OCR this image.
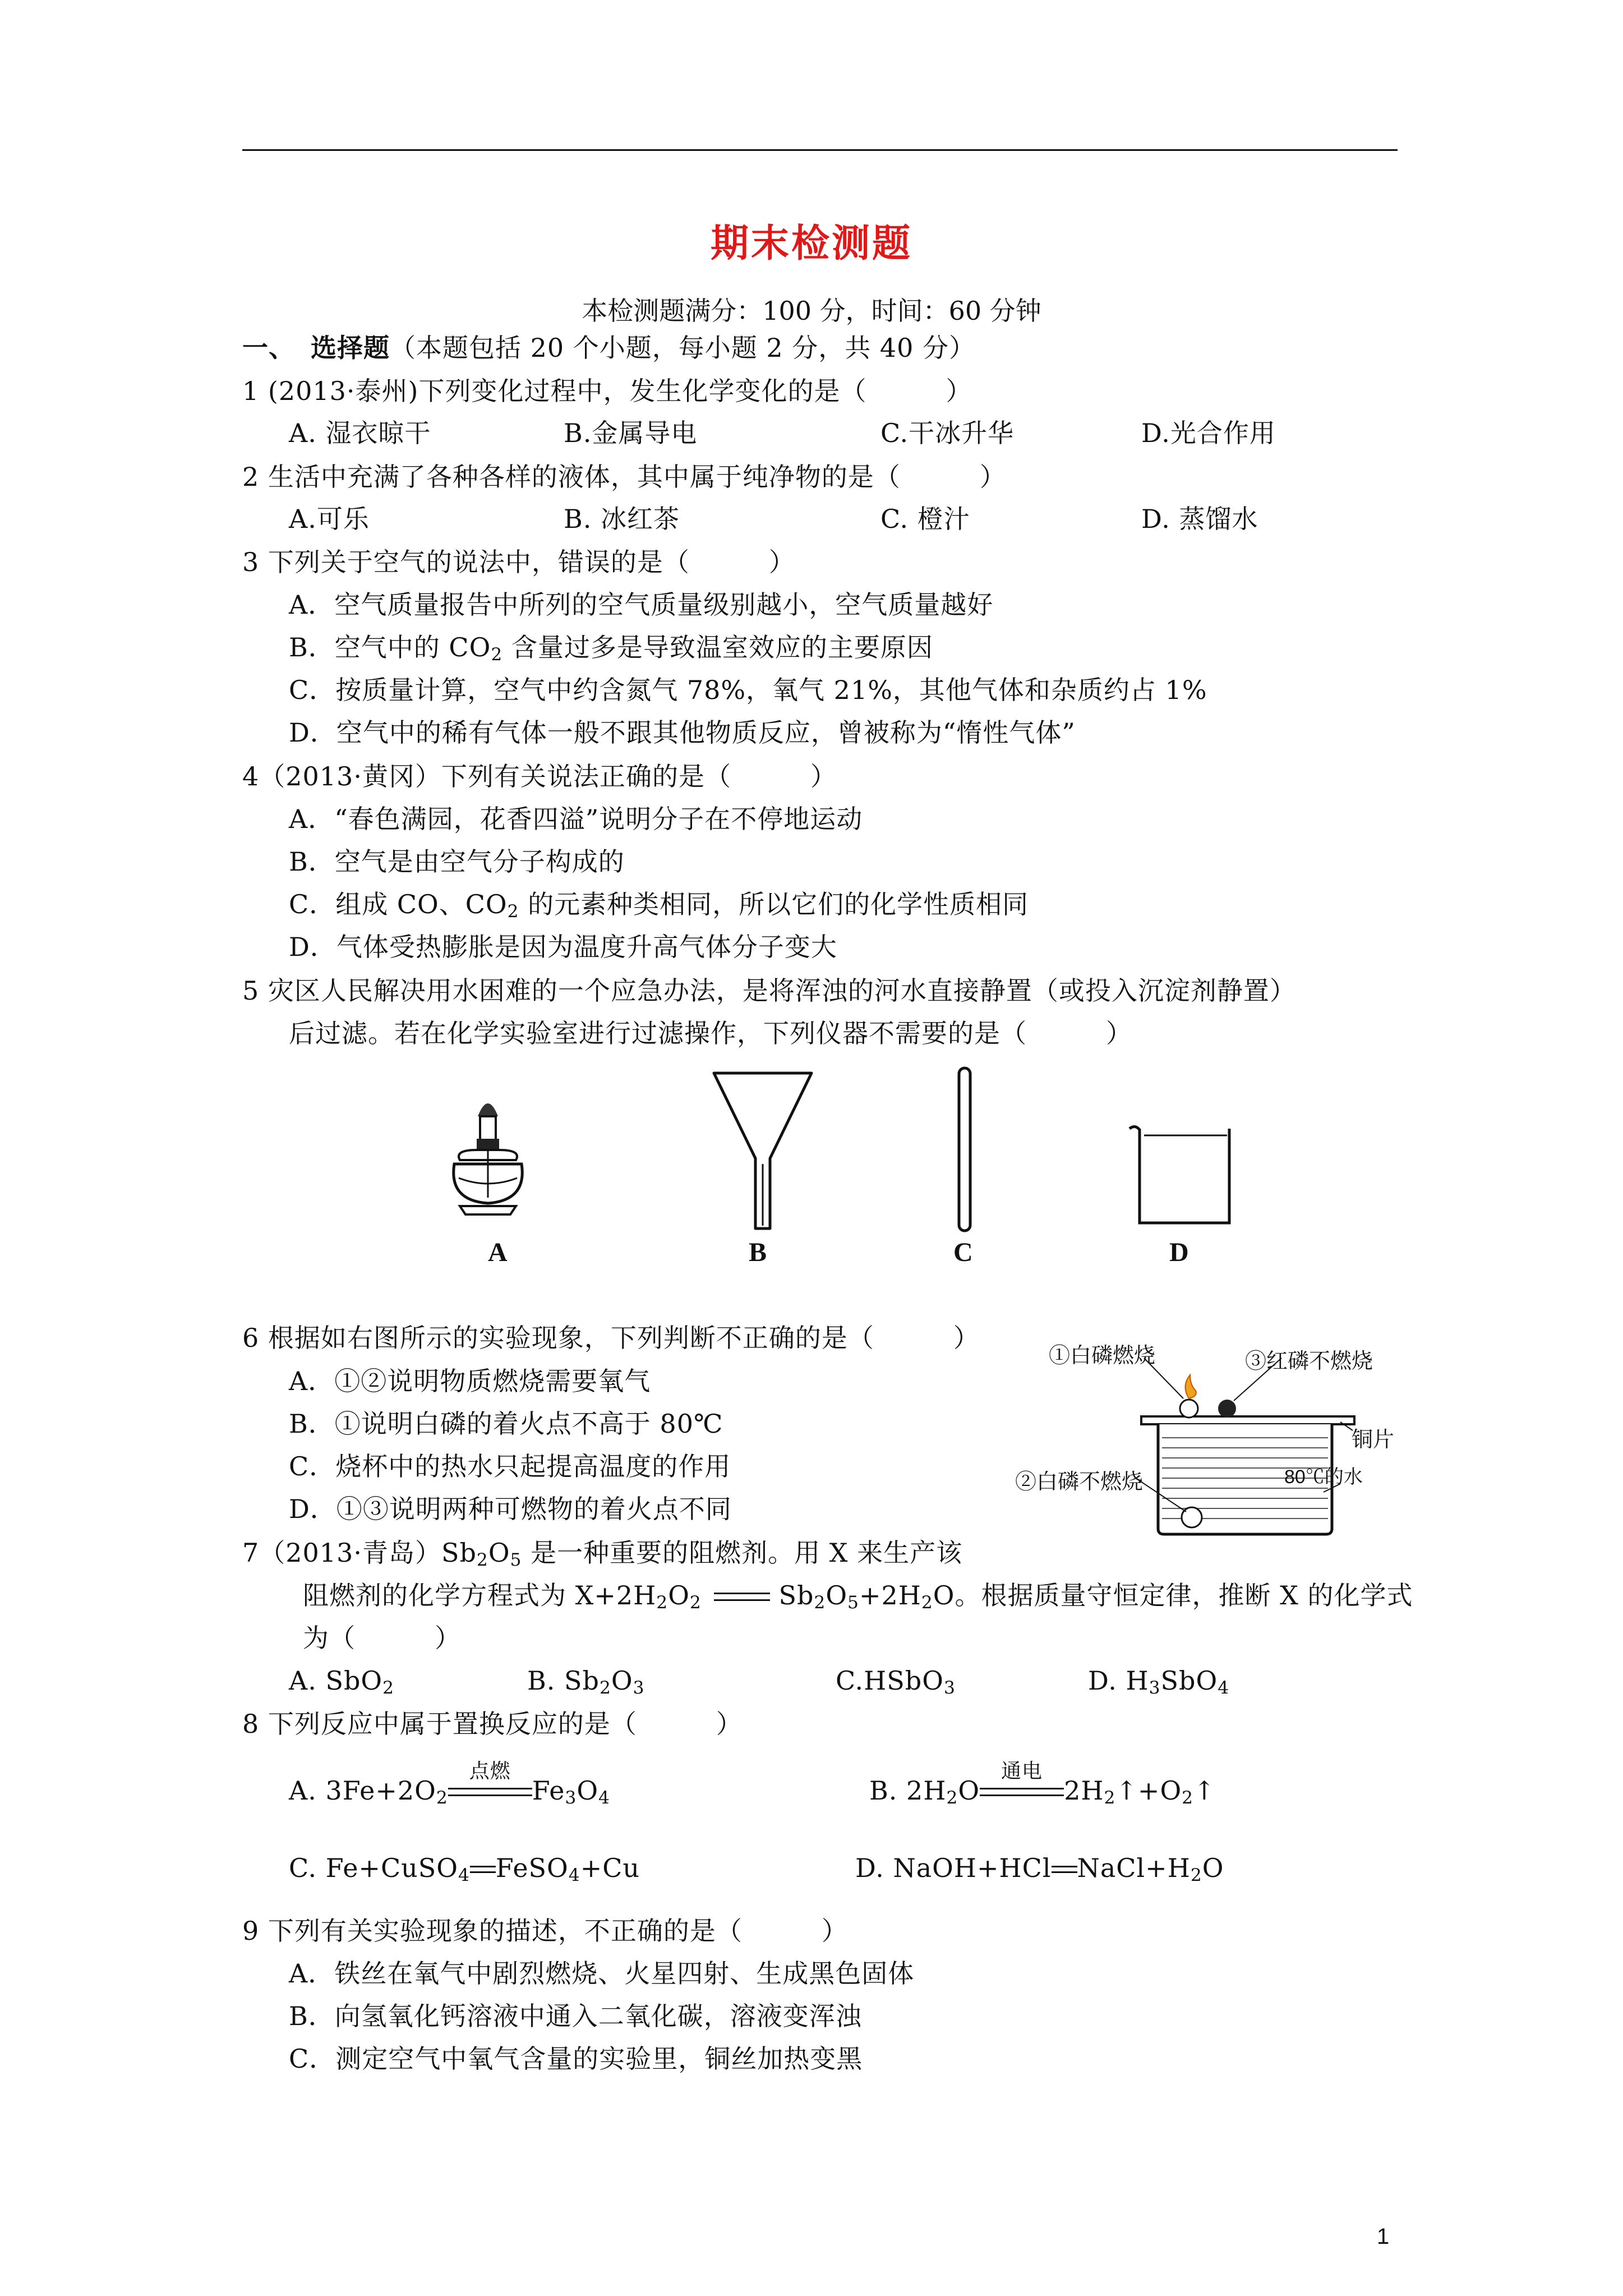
期末检测题
本检测题满分：100 分，时间：60 分钟
一、 选择题（本题包括 20 个小题，每小题 2 分，共 40 分）
1 (2013·泰州)下列变化过程中，发生化学变化的是（　　　）
A. 湿衣晾干	B.金属导电	C.干冰升华	D.光合作用
2 生活中充满了各种各样的液体，其中属于纯净物的是（　　　）
A.可乐	B. 冰红茶	C. 橙汁	D. 蒸馏水
3 下列关于空气的说法中，错误的是（　　　）
A．空气质量报告中所列的空气质量级别越小，空气质量越好
B．空气中的 $CO_2$ 含量过多是导致温室效应的主要原因
C．按质量计算，空气中约含氮气 78%，氧气 21%，其他气体和杂质约占 1%
D．空气中的稀有气体一般不跟其他物质反应，曾被称为“惰性气体”
4（2013·黄冈）下列有关说法正确的是（　　　）
A．“春色满园，花香四溢”说明分子在不停地运动
B．空气是由空气分子构成的
C．组成 CO、$CO_2$ 的元素种类相同，所以它们的化学性质相同
D．气体受热膨胀是因为温度升高气体分子变大
5 灾区人民解决用水困难的一个应急办法，是将浑浊的河水直接静置（或投入沉淀剂静置）
后过滤。若在化学实验室进行过滤操作，下列仪器不需要的是（　　　）
A	B	C	D
6 根据如右图所示的实验现象，下列判断不正确的是（　　　）
A．①②说明物质燃烧需要氧气
B．①说明白磷的着火点不高于 80℃
C．烧杯中的热水只起提高温度的作用
D．①③说明两种可燃物的着火点不同
①白磷燃烧	③红磷不燃烧
铜片
②白磷不燃烧	80℃的水
7（2013·青岛）$Sb_2O_5$ 是一种重要的阻燃剂。用 X 来生产该
阻燃剂的化学方程式为 $X+2H_2O_2$	$Sb_2O_5+2H_2O$。根据质量守恒定律，推断 X 的化学式
为（　　　）
A. SbO$_2$	B. $Sb_2O_3$	C.HSbO$_3$	D. $H_3SbO_4$
8 下列反应中属于置换反应的是（　　　）
A. $3Fe+2O_2$
点燃
$Fe_3O_4$	B. $2H_2O$
通电
$2H_2↑+O_2↑$
C. Fe+CuSO$_4$ FeSO$_4$+Cu	D. NaOH+HCl $NaCl+H_2O$
9 下列有关实验现象的描述，不正确的是（　　　）
A．铁丝在氧气中剧烈燃烧、火星四射、生成黑色固体
B．向氢氧化钙溶液中通入二氧化碳，溶液变浑浊
C．测定空气中氧气含量的实验里，铜丝加热变黑
1
